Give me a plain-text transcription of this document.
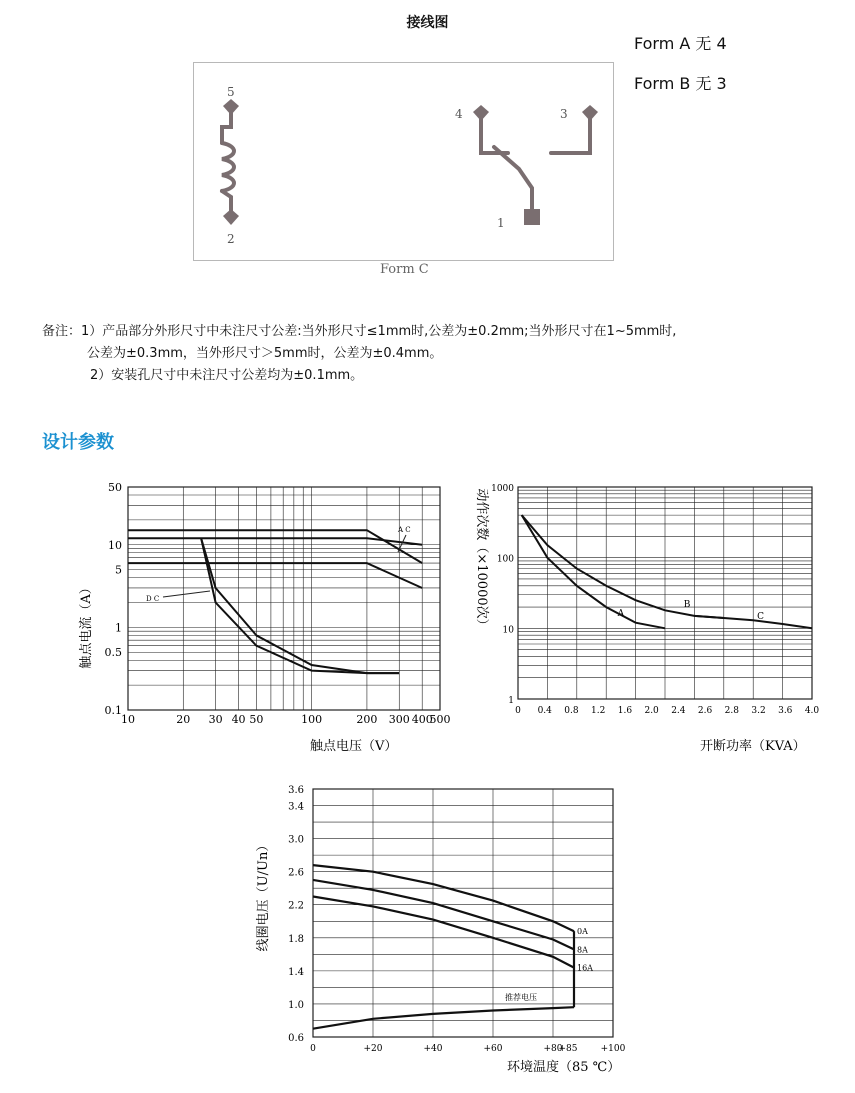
接线图
Form A 无 4
Form B 无 3
5
2
4	3
1
Form C
备注：1）产品部分外形尺寸中未注尺寸公差:当外形尺寸≤1mm时,公差为±0.2mm;当外形尺寸在1~5mm时,
公差为±0.3mm，当外形尺寸＞5mm时，公差为±0.4mm。
2）安装孔尺寸中未注尺寸公差均为±0.1mm。
设计参数
10	20 30 40 50	100	200 300 400
500
0.1
0.5
1
5
10
50
A C
D C
触点电压（V）
触点电流（A）
0 0.4 0.8 1.2 1.6 2.0 2.4 2.6 2.8 3.2 3.6 4.0
1
10
100
1000
A
B
C
开断功率（KVA）
动作次数（×10000次）
0	+20	+40	+60	+80
+85	+100
0.6
1.0
1.4
1.8
2.2
2.6
3.0
3.4
3.6
0A
8A
16A
推荐电压
环境温度（85 ℃）
线圈电压（U/Un）
